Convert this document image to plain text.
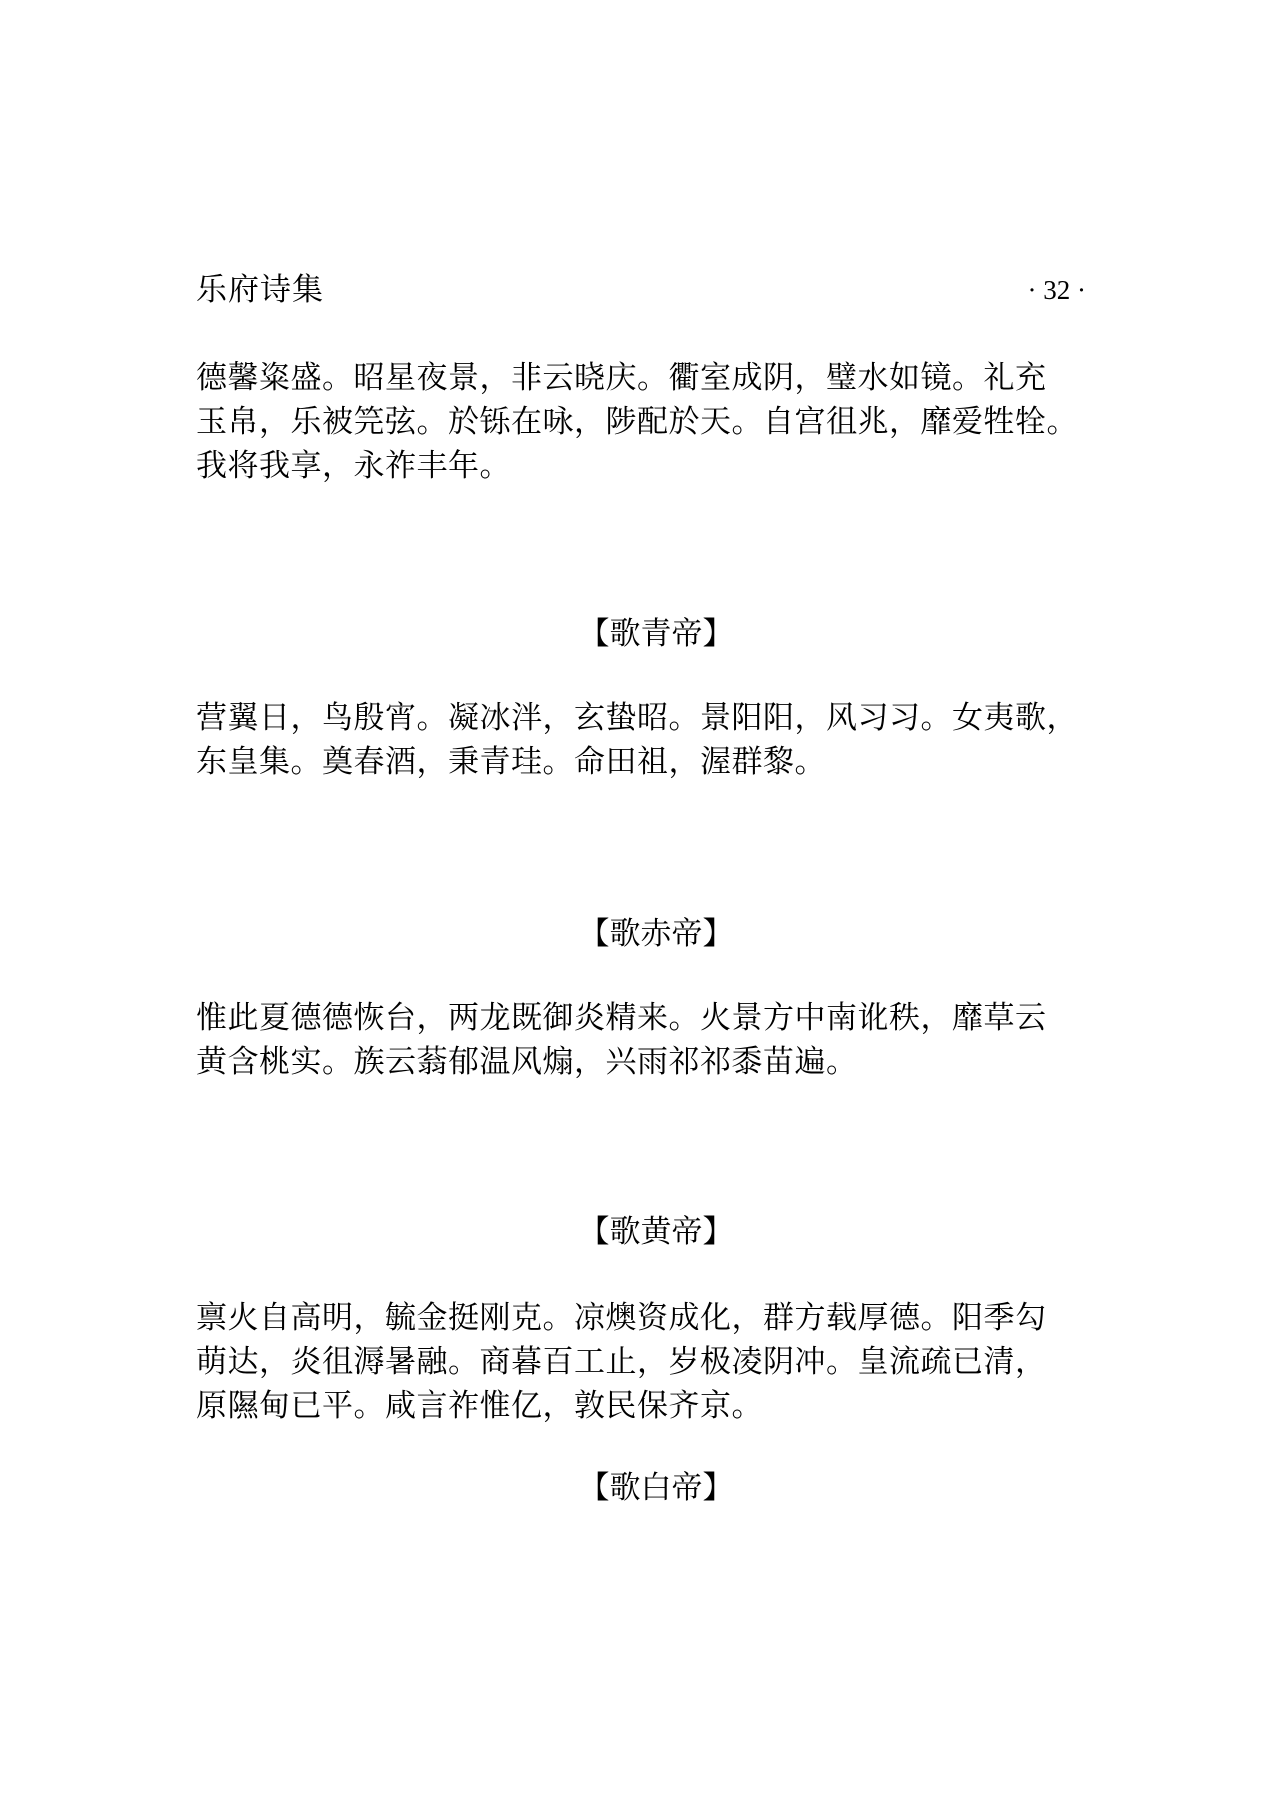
乐府诗集	· 32 ·

德馨粢盛。昭星夜景，非云晓庆。衢室成阴，璧水如镜。礼充
玉帛，乐被笎弦。於铄在咏，陟配於天。自宫徂兆，靡爱牲牷。
我将我享，永祚丰年。

【歌青帝】

营翼日，鸟殷宵。凝冰泮，玄蛰昭。景阳阳，风习习。女夷歌，
东皇集。奠春酒，秉青珪。命田祖，渥群黎。

【歌赤帝】

惟此夏德德恢台，两龙既御炎精来。火景方中南讹秩，靡草云
黄含桃实。族云蓊郁温风煽，兴雨祁祁黍苗遍。

【歌黄帝】

禀火自高明，毓金挺刚克。凉燠资成化，群方载厚德。阳季勾
萌达，炎徂溽暑融。商暮百工止，岁极凌阴冲。皇流疏已清，
原隰甸已平。咸言祚惟亿，敦民保齐京。

【歌白帝】
